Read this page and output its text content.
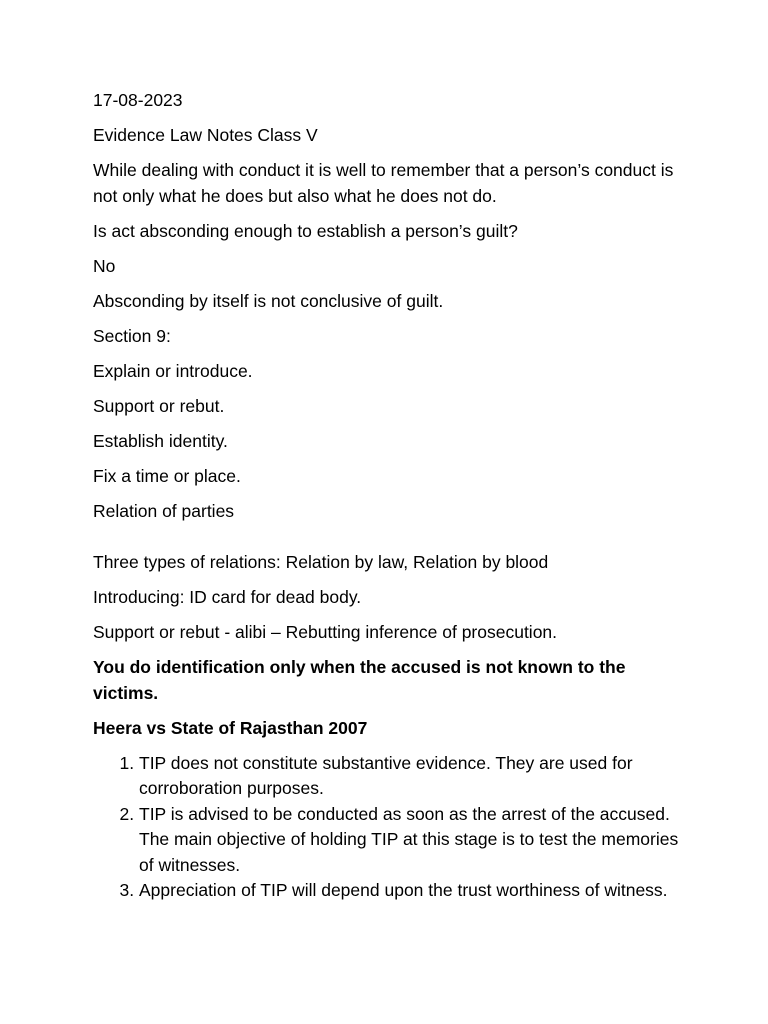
17-08-2023

Evidence Law Notes Class V

While dealing with conduct it is well to remember that a person’s conduct is not only what he does but also what he does not do.

Is act absconding enough to establish a person’s guilt?

No

Absconding by itself is not conclusive of guilt.

Section 9:

Explain or introduce.

Support or rebut.

Establish identity.

Fix a time or place.

Relation of parties

Three types of relations: Relation by law, Relation by blood

Introducing: ID card for dead body.

Support or rebut - alibi – Rebutting inference of prosecution.

You do identification only when the accused is not known to the victims.

Heera vs State of Rajasthan 2007

1. TIP does not constitute substantive evidence. They are used for corroboration purposes.
2. TIP is advised to be conducted as soon as the arrest of the accused. The main objective of holding TIP at this stage is to test the memories of witnesses.
3. Appreciation of TIP will depend upon the trust worthiness of witness.
